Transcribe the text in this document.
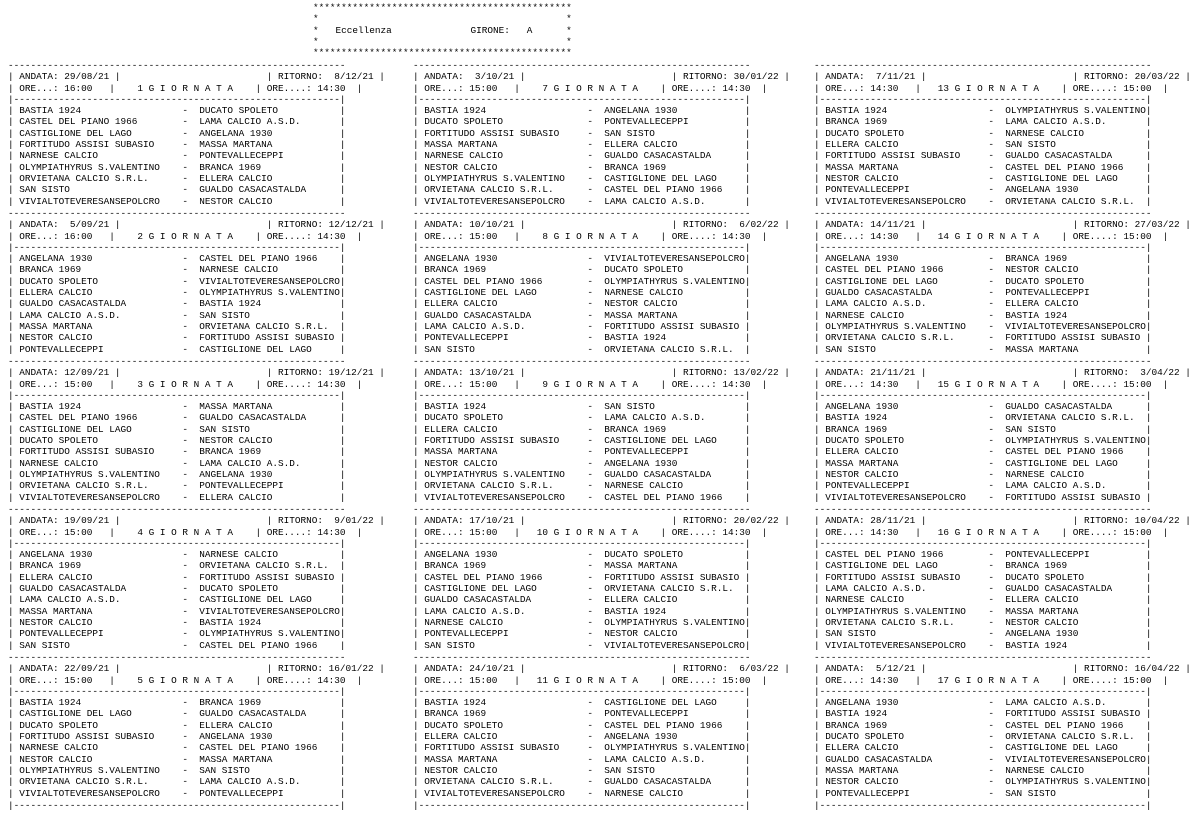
**********************************************
*                                            *
*   Eccellenza              GIRONE:   A      *
*                                            *
**********************************************
------------------------------------------------------------
| ANDATA: 29/08/21 |                          | RITORNO:  8/12/21 |
| ORE...: 16:00   |    1 G I O R N A T A    | ORE....: 14:30  |
|----------------------------------------------------------|
| BASTIA 1924                  -  DUCATO SPOLETO           |
| CASTEL DEL PIANO 1966        -  LAMA CALCIO A.S.D.       |
| CASTIGLIONE DEL LAGO         -  ANGELANA 1930            |
| FORTITUDO ASSISI SUBASIO     -  MASSA MARTANA            |
| NARNESE CALCIO               -  PONTEVALLECEPPI          |
| OLYMPIATHYRUS S.VALENTINO    -  BRANCA 1969              |
| ORVIETANA CALCIO S.R.L.      -  ELLERA CALCIO            |
| SAN SISTO                    -  GUALDO CASACASTALDA      |
| VIVIALTOTEVERESANSEPOLCRO    -  NESTOR CALCIO            |
------------------------------------------------------------
| ANDATA:  5/09/21 |                          | RITORNO: 12/12/21 |
| ORE...: 16:00   |    2 G I O R N A T A    | ORE....: 14:30  |
|----------------------------------------------------------|
| ANGELANA 1930                -  CASTEL DEL PIANO 1966    |
| BRANCA 1969                  -  NARNESE CALCIO           |
| DUCATO SPOLETO               -  VIVIALTOTEVERESANSEPOLCRO|
| ELLERA CALCIO                -  OLYMPIATHYRUS S.VALENTINO|
| GUALDO CASACASTALDA          -  BASTIA 1924              |
| LAMA CALCIO A.S.D.           -  SAN SISTO                |
| MASSA MARTANA                -  ORVIETANA CALCIO S.R.L.  |
| NESTOR CALCIO                -  FORTITUDO ASSISI SUBASIO |
| PONTEVALLECEPPI              -  CASTIGLIONE DEL LAGO     |
------------------------------------------------------------
| ANDATA: 12/09/21 |                          | RITORNO: 19/12/21 |
| ORE...: 15:00   |    3 G I O R N A T A    | ORE....: 14:30  |
|----------------------------------------------------------|
| BASTIA 1924                  -  MASSA MARTANA            |
| CASTEL DEL PIANO 1966        -  GUALDO CASACASTALDA      |
| CASTIGLIONE DEL LAGO         -  SAN SISTO                |
| DUCATO SPOLETO               -  NESTOR CALCIO            |
| FORTITUDO ASSISI SUBASIO     -  BRANCA 1969              |
| NARNESE CALCIO               -  LAMA CALCIO A.S.D.       |
| OLYMPIATHYRUS S.VALENTINO    -  ANGELANA 1930            |
| ORVIETANA CALCIO S.R.L.      -  PONTEVALLECEPPI          |
| VIVIALTOTEVERESANSEPOLCRO    -  ELLERA CALCIO            |
------------------------------------------------------------
| ANDATA: 19/09/21 |                          | RITORNO:  9/01/22 |
| ORE...: 15:00   |    4 G I O R N A T A    | ORE....: 14:30  |
|----------------------------------------------------------|
| ANGELANA 1930                -  NARNESE CALCIO           |
| BRANCA 1969                  -  ORVIETANA CALCIO S.R.L.  |
| ELLERA CALCIO                -  FORTITUDO ASSISI SUBASIO |
| GUALDO CASACASTALDA          -  DUCATO SPOLETO           |
| LAMA CALCIO A.S.D.           -  CASTIGLIONE DEL LAGO     |
| MASSA MARTANA                -  VIVIALTOTEVERESANSEPOLCRO|
| NESTOR CALCIO                -  BASTIA 1924              |
| PONTEVALLECEPPI              -  OLYMPIATHYRUS S.VALENTINO|
| SAN SISTO                    -  CASTEL DEL PIANO 1966    |
------------------------------------------------------------
| ANDATA: 22/09/21 |                          | RITORNO: 16/01/22 |
| ORE...: 15:00   |    5 G I O R N A T A    | ORE....: 14:30  |
|----------------------------------------------------------|
| BASTIA 1924                  -  BRANCA 1969              |
| CASTIGLIONE DEL LAGO         -  GUALDO CASACASTALDA      |
| DUCATO SPOLETO               -  ELLERA CALCIO            |
| FORTITUDO ASSISI SUBASIO     -  ANGELANA 1930            |
| NARNESE CALCIO               -  CASTEL DEL PIANO 1966    |
| NESTOR CALCIO                -  MASSA MARTANA            |
| OLYMPIATHYRUS S.VALENTINO    -  SAN SISTO                |
| ORVIETANA CALCIO S.R.L.      -  LAMA CALCIO A.S.D.       |
| VIVIALTOTEVERESANSEPOLCRO    -  PONTEVALLECEPPI          |
|----------------------------------------------------------|
------------------------------------------------------------
| ANDATA:  3/10/21 |                          | RITORNO: 30/01/22 |
| ORE...: 15:00   |    7 G I O R N A T A    | ORE....: 14:30  |
|----------------------------------------------------------|
| BASTIA 1924                  -  ANGELANA 1930            |
| DUCATO SPOLETO               -  PONTEVALLECEPPI          |
| FORTITUDO ASSISI SUBASIO     -  SAN SISTO                |
| MASSA MARTANA                -  ELLERA CALCIO            |
| NARNESE CALCIO               -  GUALDO CASACASTALDA      |
| NESTOR CALCIO                -  BRANCA 1969              |
| OLYMPIATHYRUS S.VALENTINO    -  CASTIGLIONE DEL LAGO     |
| ORVIETANA CALCIO S.R.L.      -  CASTEL DEL PIANO 1966    |
| VIVIALTOTEVERESANSEPOLCRO    -  LAMA CALCIO A.S.D.       |
------------------------------------------------------------
| ANDATA: 10/10/21 |                          | RITORNO:  6/02/22 |
| ORE...: 15:00   |    8 G I O R N A T A    | ORE....: 14:30  |
|----------------------------------------------------------|
| ANGELANA 1930                -  VIVIALTOTEVERESANSEPOLCRO|
| BRANCA 1969                  -  DUCATO SPOLETO           |
| CASTEL DEL PIANO 1966        -  OLYMPIATHYRUS S.VALENTINO|
| CASTIGLIONE DEL LAGO         -  NARNESE CALCIO           |
| ELLERA CALCIO                -  NESTOR CALCIO            |
| GUALDO CASACASTALDA          -  MASSA MARTANA            |
| LAMA CALCIO A.S.D.           -  FORTITUDO ASSISI SUBASIO |
| PONTEVALLECEPPI              -  BASTIA 1924              |
| SAN SISTO                    -  ORVIETANA CALCIO S.R.L.  |
------------------------------------------------------------
| ANDATA: 13/10/21 |                          | RITORNO: 13/02/22 |
| ORE...: 15:00   |    9 G I O R N A T A    | ORE....: 14:30  |
|----------------------------------------------------------|
| BASTIA 1924                  -  SAN SISTO                |
| DUCATO SPOLETO               -  LAMA CALCIO A.S.D.       |
| ELLERA CALCIO                -  BRANCA 1969              |
| FORTITUDO ASSISI SUBASIO     -  CASTIGLIONE DEL LAGO     |
| MASSA MARTANA                -  PONTEVALLECEPPI          |
| NESTOR CALCIO                -  ANGELANA 1930            |
| OLYMPIATHYRUS S.VALENTINO    -  GUALDO CASACASTALDA      |
| ORVIETANA CALCIO S.R.L.      -  NARNESE CALCIO           |
| VIVIALTOTEVERESANSEPOLCRO    -  CASTEL DEL PIANO 1966    |
------------------------------------------------------------
| ANDATA: 17/10/21 |                          | RITORNO: 20/02/22 |
| ORE...: 15:00   |   10 G I O R N A T A    | ORE....: 14:30  |
|----------------------------------------------------------|
| ANGELANA 1930                -  DUCATO SPOLETO           |
| BRANCA 1969                  -  MASSA MARTANA            |
| CASTEL DEL PIANO 1966        -  FORTITUDO ASSISI SUBASIO |
| CASTIGLIONE DEL LAGO         -  ORVIETANA CALCIO S.R.L.  |
| GUALDO CASACASTALDA          -  ELLERA CALCIO            |
| LAMA CALCIO A.S.D.           -  BASTIA 1924              |
| NARNESE CALCIO               -  OLYMPIATHYRUS S.VALENTINO|
| PONTEVALLECEPPI              -  NESTOR CALCIO            |
| SAN SISTO                    -  VIVIALTOTEVERESANSEPOLCRO|
------------------------------------------------------------
| ANDATA: 24/10/21 |                          | RITORNO:  6/03/22 |
| ORE...: 15:00   |   11 G I O R N A T A    | ORE....: 15:00  |
|----------------------------------------------------------|
| BASTIA 1924                  -  CASTIGLIONE DEL LAGO     |
| BRANCA 1969                  -  PONTEVALLECEPPI          |
| DUCATO SPOLETO               -  CASTEL DEL PIANO 1966    |
| ELLERA CALCIO                -  ANGELANA 1930            |
| FORTITUDO ASSISI SUBASIO     -  OLYMPIATHYRUS S.VALENTINO|
| MASSA MARTANA                -  LAMA CALCIO A.S.D.       |
| NESTOR CALCIO                -  SAN SISTO                |
| ORVIETANA CALCIO S.R.L.      -  GUALDO CASACASTALDA      |
| VIVIALTOTEVERESANSEPOLCRO    -  NARNESE CALCIO           |
|----------------------------------------------------------|
------------------------------------------------------------
| ANDATA:  7/11/21 |                          | RITORNO: 20/03/22 |
| ORE...: 14:30   |   13 G I O R N A T A    | ORE....: 15:00  |
|----------------------------------------------------------|
| BASTIA 1924                  -  OLYMPIATHYRUS S.VALENTINO|
| BRANCA 1969                  -  LAMA CALCIO A.S.D.       |
| DUCATO SPOLETO               -  NARNESE CALCIO           |
| ELLERA CALCIO                -  SAN SISTO                |
| FORTITUDO ASSISI SUBASIO     -  GUALDO CASACASTALDA      |
| MASSA MARTANA                -  CASTEL DEL PIANO 1966    |
| NESTOR CALCIO                -  CASTIGLIONE DEL LAGO     |
| PONTEVALLECEPPI              -  ANGELANA 1930            |
| VIVIALTOTEVERESANSEPOLCRO    -  ORVIETANA CALCIO S.R.L.  |
------------------------------------------------------------
| ANDATA: 14/11/21 |                          | RITORNO: 27/03/22 |
| ORE...: 14:30   |   14 G I O R N A T A    | ORE....: 15:00  |
|----------------------------------------------------------|
| ANGELANA 1930                -  BRANCA 1969              |
| CASTEL DEL PIANO 1966        -  NESTOR CALCIO            |
| CASTIGLIONE DEL LAGO         -  DUCATO SPOLETO           |
| GUALDO CASACASTALDA          -  PONTEVALLECEPPI          |
| LAMA CALCIO A.S.D.           -  ELLERA CALCIO            |
| NARNESE CALCIO               -  BASTIA 1924              |
| OLYMPIATHYRUS S.VALENTINO    -  VIVIALTOTEVERESANSEPOLCRO|
| ORVIETANA CALCIO S.R.L.      -  FORTITUDO ASSISI SUBASIO |
| SAN SISTO                    -  MASSA MARTANA            |
------------------------------------------------------------
| ANDATA: 21/11/21 |                          | RITORNO:  3/04/22 |
| ORE...: 14:30   |   15 G I O R N A T A    | ORE....: 15:00  |
|----------------------------------------------------------|
| ANGELANA 1930                -  GUALDO CASACASTALDA      |
| BASTIA 1924                  -  ORVIETANA CALCIO S.R.L.  |
| BRANCA 1969                  -  SAN SISTO                |
| DUCATO SPOLETO               -  OLYMPIATHYRUS S.VALENTINO|
| ELLERA CALCIO                -  CASTEL DEL PIANO 1966    |
| MASSA MARTANA                -  CASTIGLIONE DEL LAGO     |
| NESTOR CALCIO                -  NARNESE CALCIO           |
| PONTEVALLECEPPI              -  LAMA CALCIO A.S.D.       |
| VIVIALTOTEVERESANSEPOLCRO    -  FORTITUDO ASSISI SUBASIO |
------------------------------------------------------------
| ANDATA: 28/11/21 |                          | RITORNO: 10/04/22 |
| ORE...: 14:30   |   16 G I O R N A T A    | ORE....: 15:00  |
|----------------------------------------------------------|
| CASTEL DEL PIANO 1966        -  PONTEVALLECEPPI          |
| CASTIGLIONE DEL LAGO         -  BRANCA 1969              |
| FORTITUDO ASSISI SUBASIO     -  DUCATO SPOLETO           |
| LAMA CALCIO A.S.D.           -  GUALDO CASACASTALDA      |
| NARNESE CALCIO               -  ELLERA CALCIO            |
| OLYMPIATHYRUS S.VALENTINO    -  MASSA MARTANA            |
| ORVIETANA CALCIO S.R.L.      -  NESTOR CALCIO            |
| SAN SISTO                    -  ANGELANA 1930            |
| VIVIALTOTEVERESANSEPOLCRO    -  BASTIA 1924              |
------------------------------------------------------------
| ANDATA:  5/12/21 |                          | RITORNO: 16/04/22 |
| ORE...: 14:30   |   17 G I O R N A T A    | ORE....: 15:00  |
|----------------------------------------------------------|
| ANGELANA 1930                -  LAMA CALCIO A.S.D.       |
| BASTIA 1924                  -  FORTITUDO ASSISI SUBASIO |
| BRANCA 1969                  -  CASTEL DEL PIANO 1966    |
| DUCATO SPOLETO               -  ORVIETANA CALCIO S.R.L.  |
| ELLERA CALCIO                -  CASTIGLIONE DEL LAGO     |
| GUALDO CASACASTALDA          -  VIVIALTOTEVERESANSEPOLCRO|
| MASSA MARTANA                -  NARNESE CALCIO           |
| NESTOR CALCIO                -  OLYMPIATHYRUS S.VALENTINO|
| PONTEVALLECEPPI              -  SAN SISTO                |
|----------------------------------------------------------|
